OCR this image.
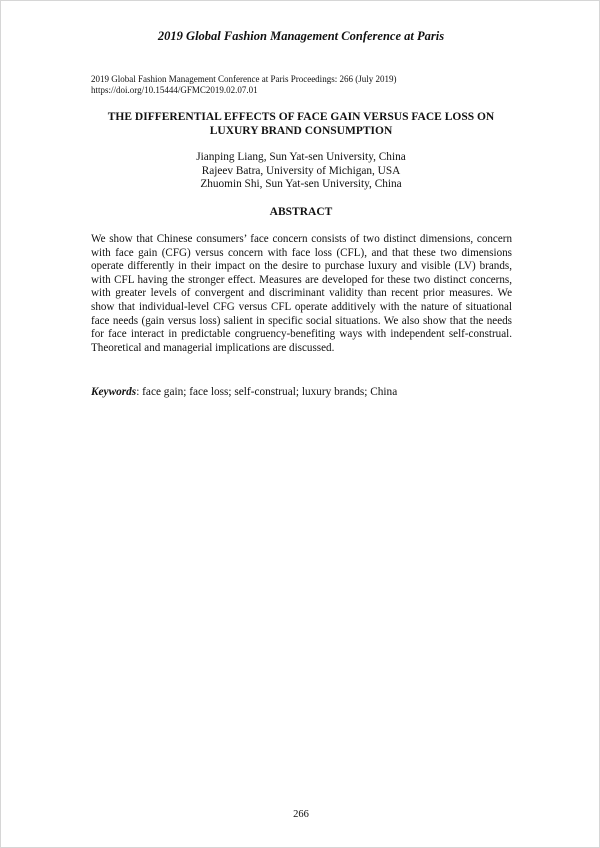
2019 Global Fashion Management Conference at Paris
2019 Global Fashion Management Conference at Paris Proceedings: 266 (July 2019)
https://doi.org/10.15444/GFMC2019.02.07.01
THE DIFFERENTIAL EFFECTS OF FACE GAIN VERSUS FACE LOSS ON
LUXURY BRAND CONSUMPTION
Jianping Liang, Sun Yat-sen University, China
Rajeev Batra, University of Michigan, USA
Zhuomin Shi, Sun Yat-sen University, China
ABSTRACT

We show that Chinese consumers’ face concern consists of two distinct dimensions, concern with face gain (CFG) versus concern with face loss (CFL), and that these two dimensions operate differently in their impact on the desire to purchase luxury and visible (LV) brands, with CFL having the stronger effect. Measures are developed for these two distinct concerns, with greater levels of convergent and discriminant validity than recent prior measures. We show that individual-level CFG versus CFL operate additively with the nature of situational face needs (gain versus loss) salient in specific social situations. We also show that the needs for face interact in predictable congruency-benefiting ways with independent self-construal. Theoretical and managerial implications are discussed.

Keywords: face gain; face loss; self-construal; luxury brands; China
266
